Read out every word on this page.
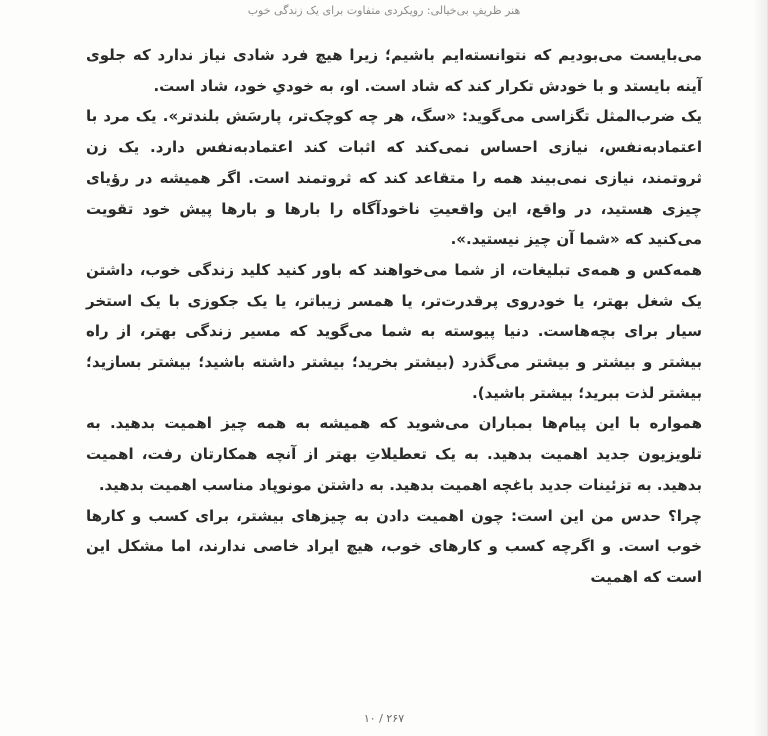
هنر ظریفِ بی‌خیالی: رویکردی متفاوت برای یک زندگی خوب

می‌بایست می‌بودیم که نتوانسته‌ایم باشیم؛ زیرا هیچ فرد شادی نیاز ندارد که جلوی آینه بایستد و با خودش تکرار کند که شاد است. او، به خودیِ خود، شاد است.

یک ضرب‌المثل تگزاسی می‌گوید: «سگ، هر چه کوچک‌تر، پارسَش بلندتر». یک مرد با اعتمادبه‌نفس، نیازی احساس نمی‌کند که اثبات کند اعتمادبه‌نفس دارد. یک زن ثروتمند، نیازی نمی‌بیند همه را متقاعد کند که ثروتمند است. اگر همیشه در رؤیای چیزی هستید، در واقع، این واقعیتِ ناخودآگاه را بارها و بارها پیش خود تقویت می‌کنید که «شما آن چیز نیستید.».

همه‌کس و همه‌ی تبلیغات، از شما می‌خواهند که باور کنید کلید زندگی خوب، داشتن یک شغل بهتر، یا خودروی پرقدرت‌تر، یا همسر زیباتر، یا یک جکوزی با یک استخر سیار برای بچه‌هاست. دنیا پیوسته به شما می‌گوید که مسیر زندگی بهتر، از راه بیشتر و بیشتر و بیشتر می‌گذرد (بیشتر بخرید؛ بیشتر داشته باشید؛ بیشتر بسازید؛ بیشتر لذت ببرید؛ بیشتر باشید).

همواره با این پیام‌ها بمباران می‌شوید که همیشه به همه چیز اهمیت بدهید. به تلویزیون جدید اهمیت بدهید. به یک تعطیلاتِ بهتر از آنچه همکارتان رفت، اهمیت بدهید. به تزئینات جدید باغچه اهمیت بدهید. به داشتن مونوپاد مناسب اهمیت بدهید.

چرا؟ حدس من این است: چون اهمیت دادن به چیزهای بیشتر، برای کسب و کارها خوب است. و اگرچه کسب و کارهای خوب، هیچ ایراد خاصی ندارند، اما مشکل این است که اهمیت

۲۶۷ / ۱۰
